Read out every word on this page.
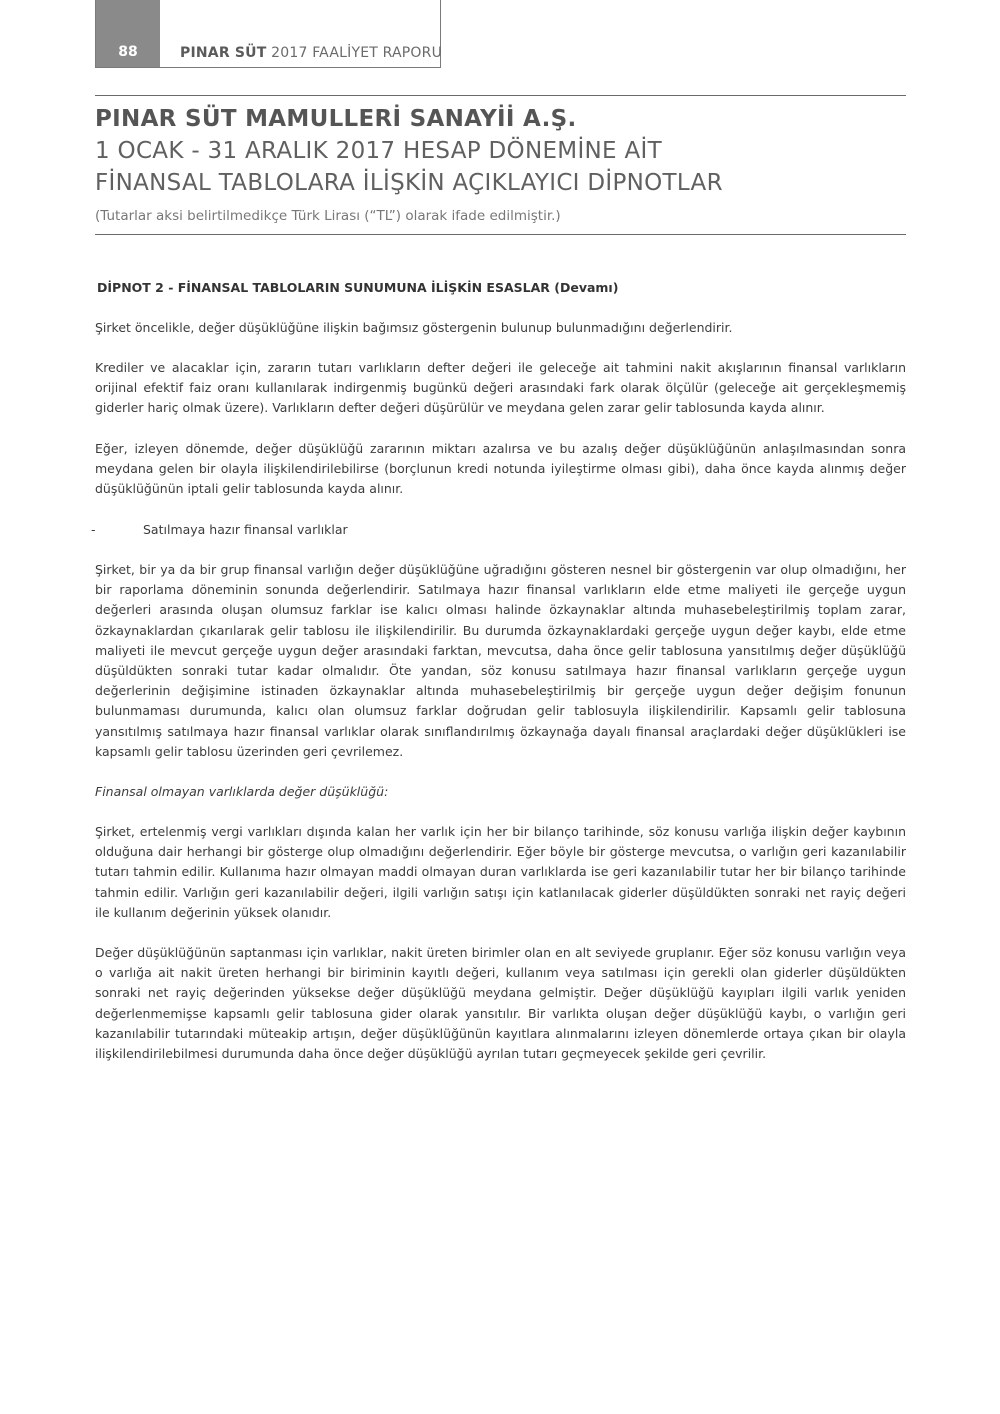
88	PINAR SÜT 2017 FAALİYET RAPORU
PINAR SÜT MAMULLERİ SANAYİİ A.Ş.
1 OCAK - 31 ARALIK 2017 HESAP DÖNEMİNE AİT
FİNANSAL TABLOLARA İLİŞKİN AÇIKLAYICI DİPNOTLAR
(Tutarlar aksi belirtilmedikçe Türk Lirası (“TL”) olarak ifade edilmiştir.)
DİPNOT 2 - FİNANSAL TABLOLARIN SUNUMUNA İLİŞKİN ESASLAR (Devamı)

Şirket öncelikle, değer düşüklüğüne ilişkin bağımsız göstergenin bulunup bulunmadığını değerlendirir.

Krediler ve alacaklar için, zararın tutarı varlıkların defter değeri ile geleceğe ait tahmini nakit akışlarının finansal varlıkların orijinal efektif faiz oranı kullanılarak indirgenmiş bugünkü değeri arasındaki fark olarak ölçülür (geleceğe ait gerçekleşmemiş giderler hariç olmak üzere). Varlıkların defter değeri düşürülür ve meydana gelen zarar gelir tablosunda kayda alınır.

Eğer, izleyen dönemde, değer düşüklüğü zararının miktarı azalırsa ve bu azalış değer düşüklüğünün anlaşılmasından sonra meydana gelen bir olayla ilişkilendirilebilirse (borçlunun kredi notunda iyileştirme olması gibi), daha önce kayda alınmış değer düşüklüğünün iptali gelir tablosunda kayda alınır.

-	Satılmaya hazır finansal varlıklar

Şirket, bir ya da bir grup finansal varlığın değer düşüklüğüne uğradığını gösteren nesnel bir göstergenin var olup olmadığını, her bir raporlama döneminin sonunda değerlendirir. Satılmaya hazır finansal varlıkların elde etme maliyeti ile gerçeğe uygun değerleri arasında oluşan olumsuz farklar ise kalıcı olması halinde özkaynaklar altında muhasebeleştirilmiş toplam zarar, özkaynaklardan çıkarılarak gelir tablosu ile ilişkilendirilir. Bu durumda özkaynaklardaki gerçeğe uygun değer kaybı, elde etme maliyeti ile mevcut gerçeğe uygun değer arasındaki farktan, mevcutsa, daha önce gelir tablosuna yansıtılmış değer düşüklüğü düşüldükten sonraki tutar kadar olmalıdır. Öte yandan, söz konusu satılmaya hazır finansal varlıkların gerçeğe uygun değerlerinin değişimine istinaden özkaynaklar altında muhasebeleştirilmiş bir gerçeğe uygun değer değişim fonunun bulunmaması durumunda, kalıcı olan olumsuz farklar doğrudan gelir tablosuyla ilişkilendirilir. Kapsamlı gelir tablosuna yansıtılmış satılmaya hazır finansal varlıklar olarak sınıflandırılmış özkaynağa dayalı finansal araçlardaki değer düşüklükleri ise kapsamlı gelir tablosu üzerinden geri çevrilemez.

Finansal olmayan varlıklarda değer düşüklüğü:

Şirket, ertelenmiş vergi varlıkları dışında kalan her varlık için her bir bilanço tarihinde, söz konusu varlığa ilişkin değer kaybının olduğuna dair herhangi bir gösterge olup olmadığını değerlendirir. Eğer böyle bir gösterge mevcutsa, o varlığın geri kazanılabilir tutarı tahmin edilir. Kullanıma hazır olmayan maddi olmayan duran varlıklarda ise geri kazanılabilir tutar her bir bilanço tarihinde tahmin edilir. Varlığın geri kazanılabilir değeri, ilgili varlığın satışı için katlanılacak giderler düşüldükten sonraki net rayiç değeri ile kullanım değerinin yüksek olanıdır.

Değer düşüklüğünün saptanması için varlıklar, nakit üreten birimler olan en alt seviyede gruplanır. Eğer söz konusu varlığın veya o varlığa ait nakit üreten herhangi bir biriminin kayıtlı değeri, kullanım veya satılması için gerekli olan giderler düşüldükten sonraki net rayiç değerinden yüksekse değer düşüklüğü meydana gelmiştir. Değer düşüklüğü kayıpları ilgili varlık yeniden değerlenmemişse kapsamlı gelir tablosuna gider olarak yansıtılır. Bir varlıkta oluşan değer düşüklüğü kaybı, o varlığın geri kazanılabilir tutarındaki müteakip artışın, değer düşüklüğünün kayıtlara alınmalarını izleyen dönemlerde ortaya çıkan bir olayla ilişkilendirilebilmesi durumunda daha önce değer düşüklüğü ayrılan tutarı geçmeyecek şekilde geri çevrilir.
